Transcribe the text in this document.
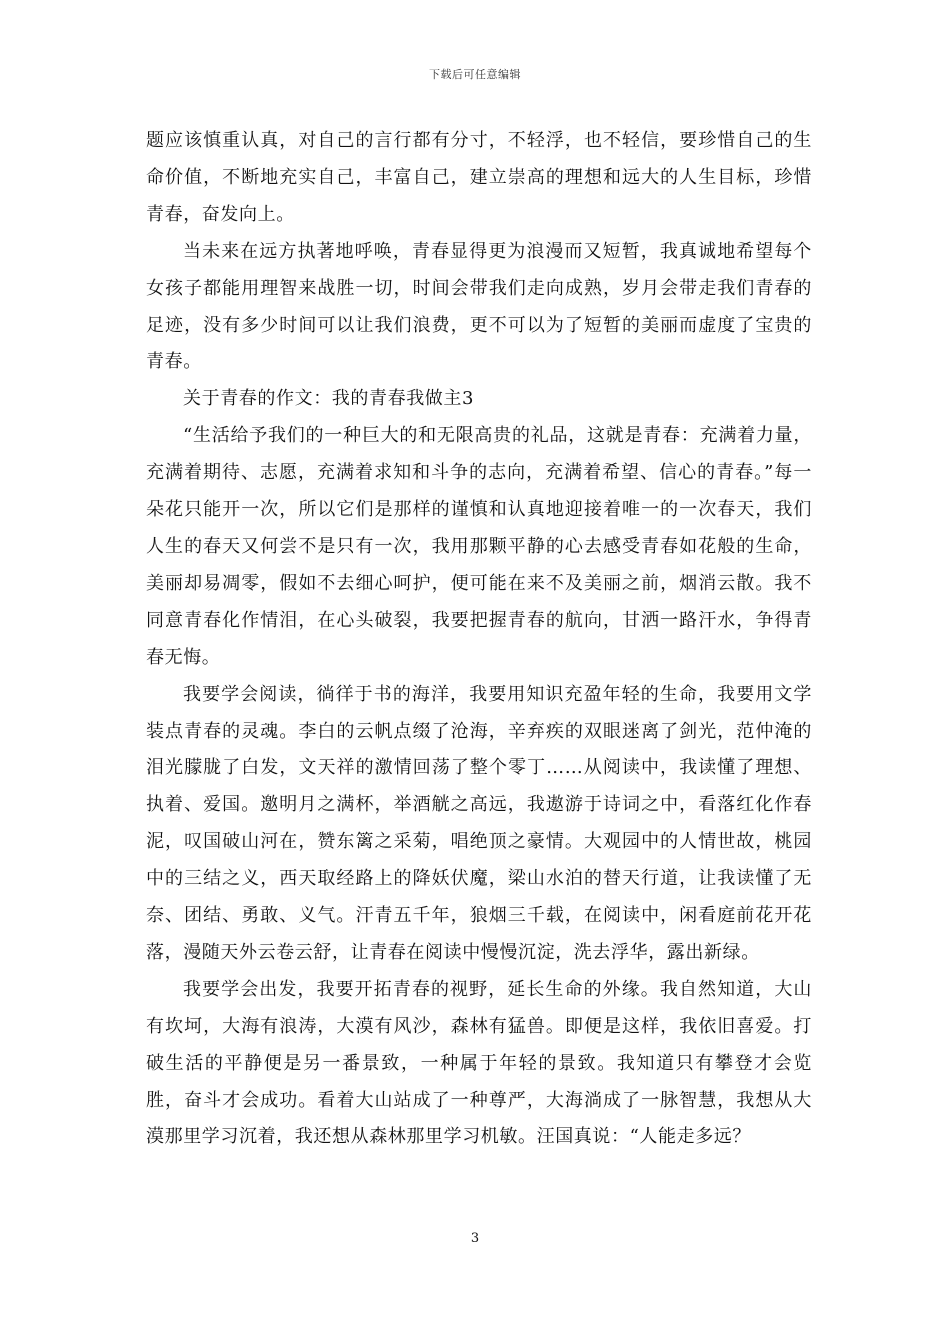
下载后可任意编辑

题应该慎重认真，对自己的言行都有分寸，不轻浮，也不轻信，要珍惜自己的生命价值，不断地充实自己，丰富自己，建立崇高的理想和远大的人生目标，珍惜青春，奋发向上。

当未来在远方执著地呼唤，青春显得更为浪漫而又短暂，我真诚地希望每个女孩子都能用理智来战胜一切，时间会带我们走向成熟，岁月会带走我们青春的足迹，没有多少时间可以让我们浪费，更不可以为了短暂的美丽而虚度了宝贵的青春。

关于青春的作文：我的青春我做主3

“生活给予我们的一种巨大的和无限高贵的礼品，这就是青春：充满着力量，充满着期待、志愿，充满着求知和斗争的志向，充满着希望、信心的青春。”每一朵花只能开一次，所以它们是那样的谨慎和认真地迎接着唯一的一次春天，我们人生的春天又何尝不是只有一次，我用那颗平静的心去感受青春如花般的生命，美丽却易凋零，假如不去细心呵护，便可能在来不及美丽之前，烟消云散。我不同意青春化作情泪，在心头破裂，我要把握青春的航向，甘洒一路汗水，争得青春无悔。

我要学会阅读，徜徉于书的海洋，我要用知识充盈年轻的生命，我要用文学装点青春的灵魂。李白的云帆点缀了沧海，辛弃疾的双眼迷离了剑光，范仲淹的泪光朦胧了白发，文天祥的激情回荡了整个零丁……从阅读中，我读懂了理想、执着、爱国。邀明月之满杯，举酒觥之高远，我遨游于诗词之中，看落红化作春泥，叹国破山河在，赞东篱之采菊，唱绝顶之豪情。大观园中的人情世故，桃园中的三结之义，西天取经路上的降妖伏魔，梁山水泊的替天行道，让我读懂了无奈、团结、勇敢、义气。汗青五千年，狼烟三千载，在阅读中，闲看庭前花开花落，漫随天外云卷云舒，让青春在阅读中慢慢沉淀，洗去浮华，露出新绿。

我要学会出发，我要开拓青春的视野，延长生命的外缘。我自然知道，大山有坎坷，大海有浪涛，大漠有风沙，森林有猛兽。即便是这样，我依旧喜爱。打破生活的平静便是另一番景致，一种属于年轻的景致。我知道只有攀登才会览胜，奋斗才会成功。看着大山站成了一种尊严，大海淌成了一脉智慧，我想从大漠那里学习沉着，我还想从森林那里学习机敏。汪国真说：“人能走多远？

3
